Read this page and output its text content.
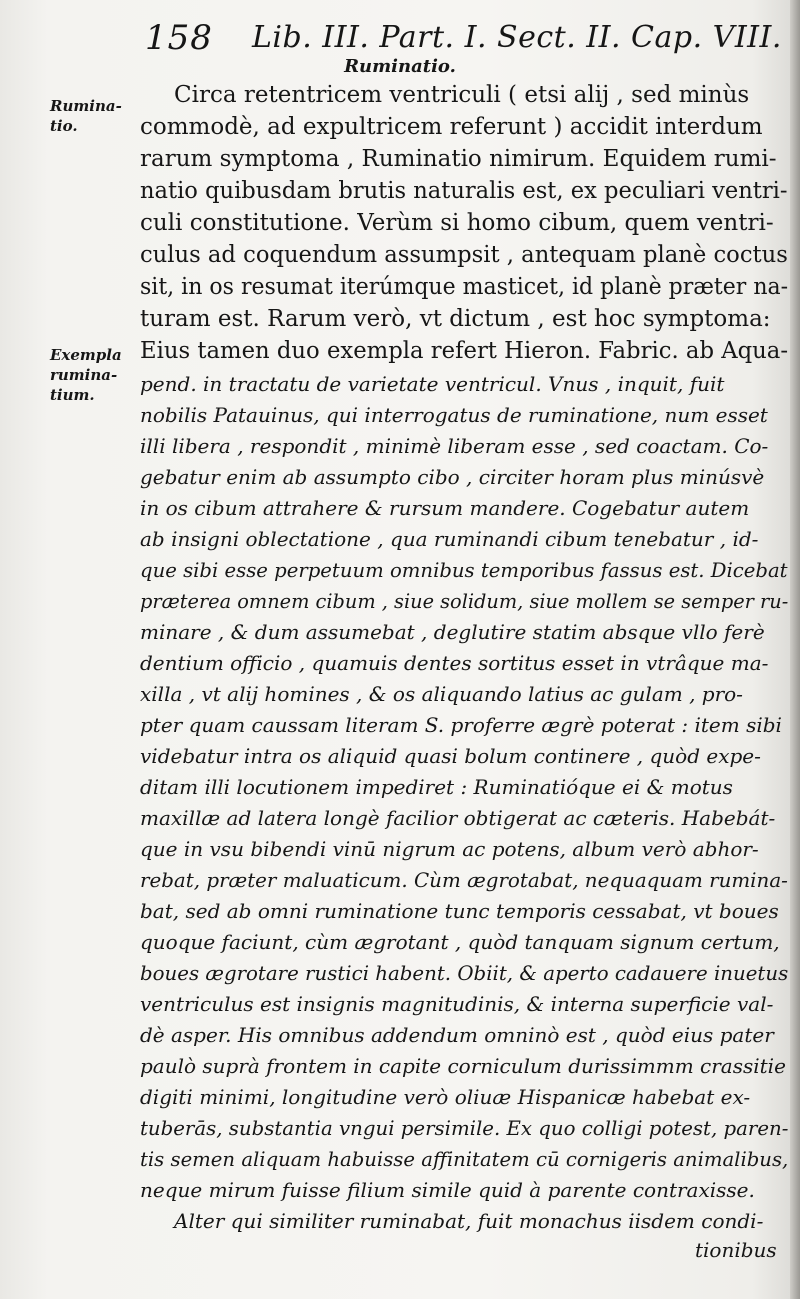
158 Lib. III. Part. I. Sect. II. Cap. VIII.
Ruminatio.
Rumina-
tio.
Exempla
rumina-
tium.
Circa retentricem ventriculi ( etsi alij , sed minùs
commodè, ad expultricem referunt ) accidit interdum
rarum symptoma , Ruminatio nimirum. Equidem rumi-
natio quibusdam brutis naturalis est, ex peculiari ventri-
culi constitutione. Verùm si homo cibum, quem ventri-
culus ad coquendum assumpsit , antequam planè coctus
sit, in os resumat iterúmque masticet, id planè præter na-
turam est. Rarum verò, vt dictum , est hoc symptoma:
Eius tamen duo exempla refert Hieron. Fabric. ab Aqua-
pend. in tractatu de varietate ventricul. Vnus , inquit, fuit
nobilis Patauinus, qui interrogatus de ruminatione, num esset
illi libera , respondit , minimè liberam esse , sed coactam. Co-
gebatur enim ab assumpto cibo , circiter horam plus minúsvè
in os cibum attrahere & rursum mandere. Cogebatur autem
ab insigni oblectatione , qua ruminandi cibum tenebatur , id-
que sibi esse perpetuum omnibus temporibus fassus est. Dicebat
præterea omnem cibum , siue solidum, siue mollem se semper ru-
minare , & dum assumebat , deglutire statim absque vllo ferè
dentium officio , quamuis dentes sortitus esset in vtrâque ma-
xilla , vt alij homines , & os aliquando latius ac gulam , pro-
pter quam caussam literam S. proferre ægrè poterat : item sibi
videbatur intra os aliquid quasi bolum continere , quòd expe-
ditam illi locutionem impediret : Ruminatióque ei & motus
maxillæ ad latera longè facilior obtigerat ac cæteris. Habebát-
que in vsu bibendi vinū nigrum ac potens, album verò abhor-
rebat, præter maluaticum. Cùm ægrotabat, nequaquam rumina-
bat, sed ab omni ruminatione tunc temporis cessabat, vt boues
quoque faciunt, cùm ægrotant , quòd tanquam signum certum,
boues ægrotare rustici habent. Obiit, & aperto cadauere inuetus
ventriculus est insignis magnitudinis, & interna superficie val-
dè asper. His omnibus addendum omninò est , quòd eius pater
paulò suprà frontem in capite corniculum durissimmm crassitie
digiti minimi, longitudine verò oliuæ Hispanicæ habebat ex-
tuberās, substantia vngui persimile. Ex quo colligi potest, paren-
tis semen aliquam habuisse affinitatem cū cornigeris animalibus,
neque mirum fuisse filium simile quid à parente contraxisse.
Alter qui similiter ruminabat, fuit monachus iisdem condi-
tionibus
